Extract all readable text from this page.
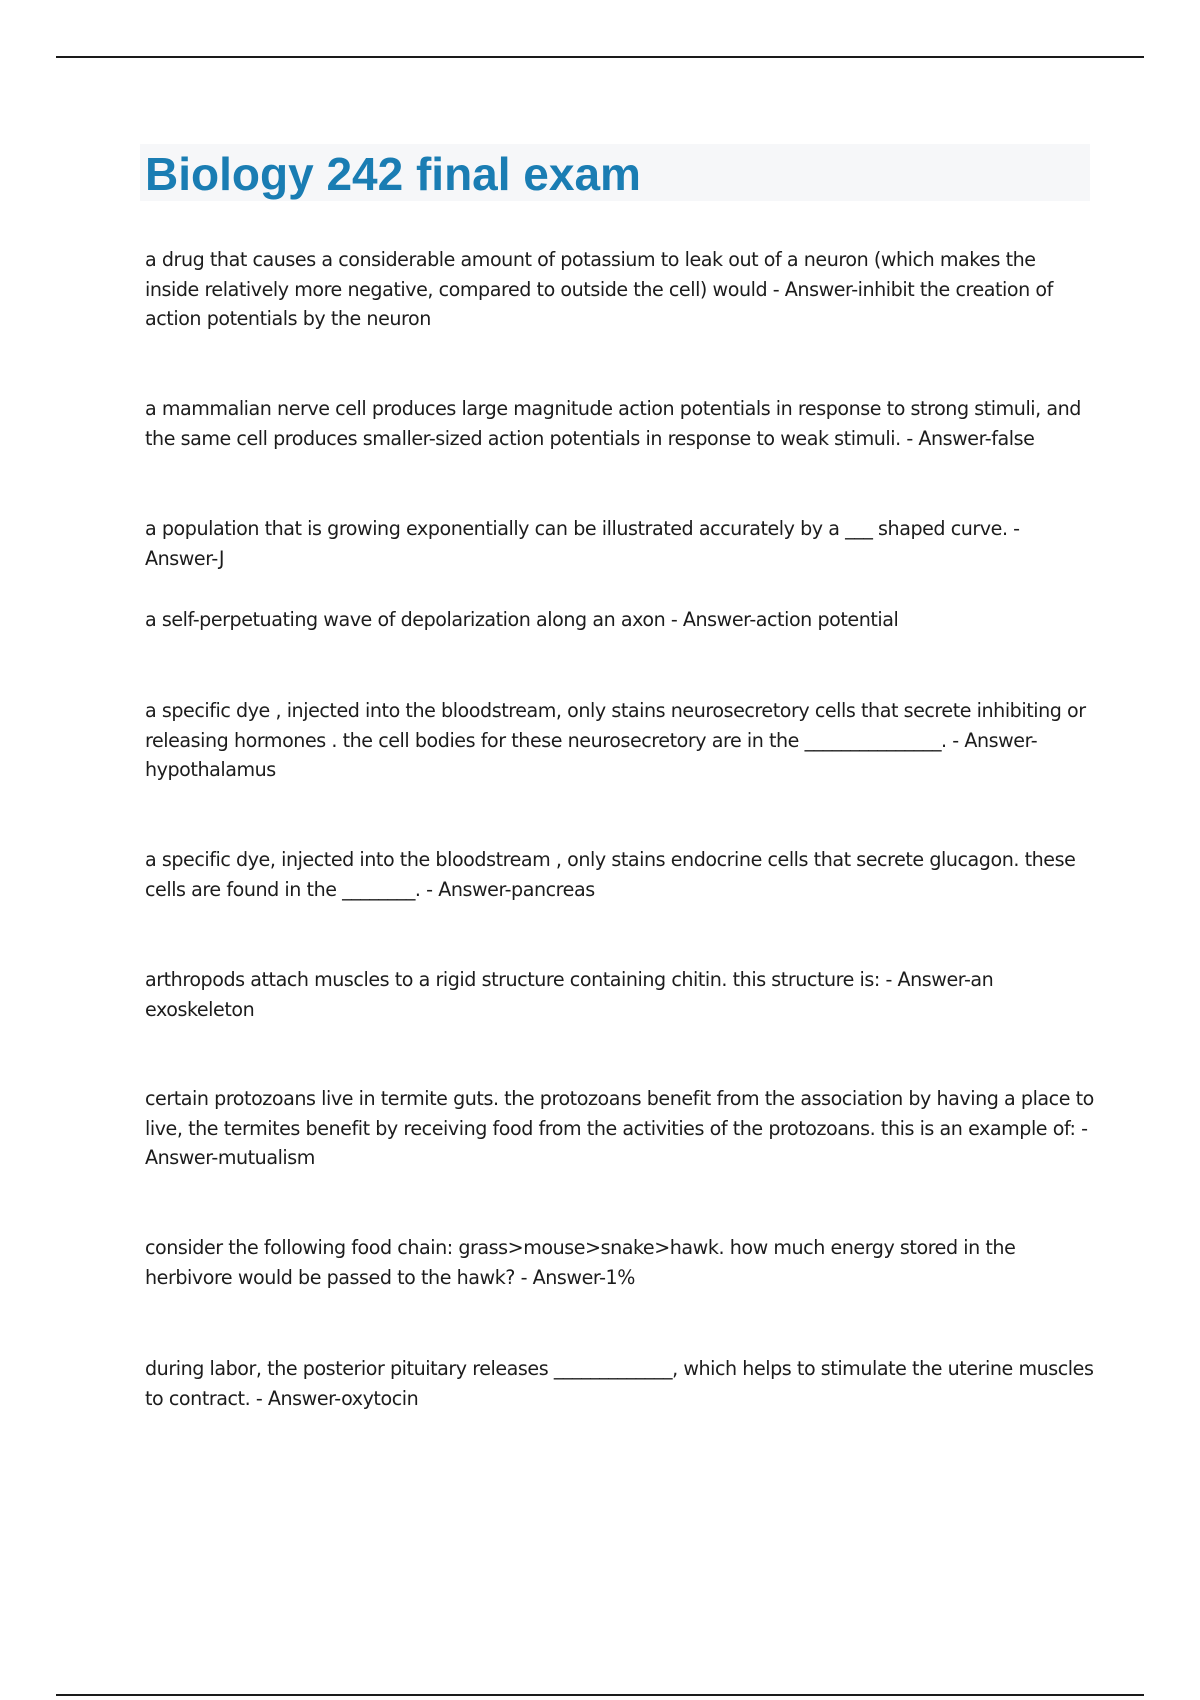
Biology 242 final exam

a drug that causes a considerable amount of potassium to leak out of a neuron (which makes the inside relatively more negative, compared to outside the cell) would - Answer-inhibit the creation of action potentials by the neuron

a mammalian nerve cell produces large magnitude action potentials in response to strong stimuli, and the same cell produces smaller-sized action potentials in response to weak stimuli. - Answer-false

a population that is growing exponentially can be illustrated accurately by a ___ shaped curve. - Answer-J

a self-perpetuating wave of depolarization along an axon - Answer-action potential

a specific dye , injected into the bloodstream, only stains neurosecretory cells that secrete inhibiting or releasing hormones . the cell bodies for these neurosecretory are in the _______________. - Answer-hypothalamus

a specific dye, injected into the bloodstream , only stains endocrine cells that secrete glucagon. these cells are found in the ________. - Answer-pancreas

arthropods attach muscles to a rigid structure containing chitin. this structure is: - Answer-an exoskeleton

certain protozoans live in termite guts. the protozoans benefit from the association by having a place to live, the termites benefit by receiving food from the activities of the protozoans. this is an example of: - Answer-mutualism

consider the following food chain: grass>mouse>snake>hawk. how much energy stored in the herbivore would be passed to the hawk? - Answer-1%

during labor, the posterior pituitary releases _____________, which helps to stimulate the uterine muscles to contract. - Answer-oxytocin
